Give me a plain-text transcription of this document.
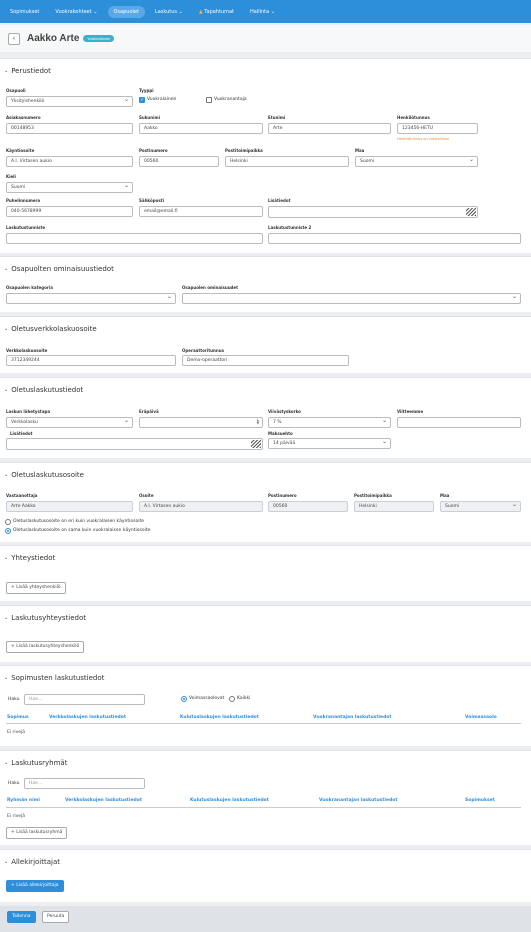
Sopimukset	Vuokrakohteet ⌄	Osapuolet	Laskutus ⌄	▲ Tapahtumat	Hallinta ⌄
‹ Aakko Arte	Vuokralainen
⌄ Perustiedot
Osapuoli
Yksityishenkilö ⌄
Tyyppi
✓
Vuokralainen	Vuokranantaja
Asiakasnumero
00148953
Sukunimi
Aakko
Etunimi
Arte
Henkilötunnus
123456-HETU
Henkilötunnus on virheellinen
Käyntiosoite
A.I. Virtasen aukio
Postinumero
00560
Postitoimipaikka
Helsinki
Maa
Suomi ⌄
Kieli
Suomi ⌄
Puhelinnumero
040-5678999
Sähköposti
email@email.fi
Lisätiedot
Laskutustunniste	Laskutustunniste 2
⌄ Osapuolten ominaisuustiedot
Osapuolen kategoria
⌄	Osapuolen ominaisuudet
⌄
⌄ Oletusverkkolaskuosoite
Verkkolaskuosoite
3712349244
Operaattoritunnus
Demo-operaattori
⌄ Oletuslaskutustiedot
Laskun lähetystapa
Verkkolasku ⌄
Eräpäivä
▲
▼
Viivästyskorko
7 % ⌄
Viitteemme
Lisätiedot	Maksuehto
14 päivää ⌄
⌄ Oletuslaskutusosoite
Vastaanottaja
Arte Aakko
Osoite
A.I. Virtasen aukio
Postinumero
00560
Postitoimipaikka
Helsinki
Maa
Suomi ⌄
Oletuslaskutusosoite on eri kuin vuokralaisen käyntiosoite
Oletuslaskutusosoite on sama kuin vuokralaisen käyntiosoite
⌄ Yhteystiedot
+ Lisää yhteyshenkilö
⌄ Laskutusyhteystiedot
+ Lisää laskutusyhteyshenkilö
⌄ Sopimusten laskutustiedot
Haku	Hae...	Voimassaolevat	Kaikki
Sopimus	Verkkolaskujen laskutustiedot	Kulutuslaskujen laskutustiedot	Vuokranantajan laskutustiedot	Voimassaolo
Ei rivejä
⌄ Laskutusryhmät
Haku	Hae...
Ryhmän nimi	Verkkolaskujen laskutustiedot	Kulutuslaskujen laskutustiedot	Vuokranantajan laskutustiedot	Sopimukset
Ei rivejä
+ Lisää laskutusryhmä
⌄ Allekirjoittajat
+ Lisää allekirjoittaja
Tallenna	Peruuta
